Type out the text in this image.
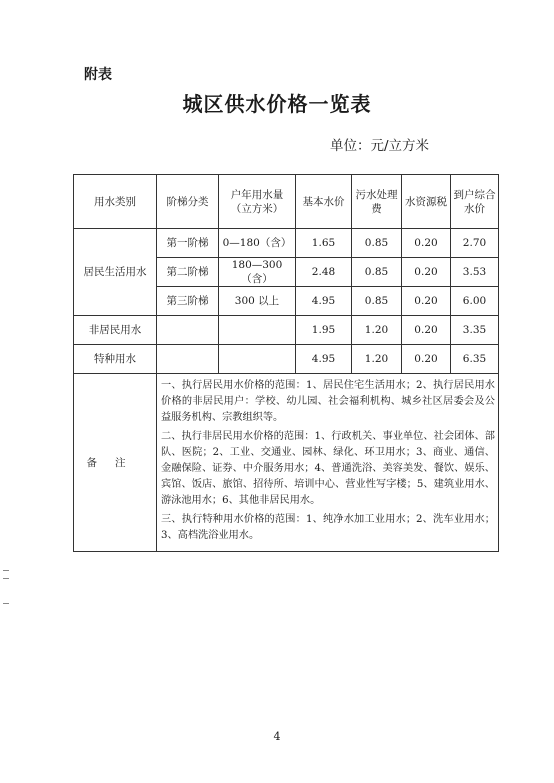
附表
城区供水价格一览表
单位：元/立方米
用水类别	阶梯分类	户年用水量（立方米）	基本水价	污水处理费	水资源税	到户综合水价
居民生活用水	第一阶梯	0—180（含）	1.65	0.85	0.20	2.70
	第二阶梯	180—300（含）	2.48	0.85	0.20	3.53
	第三阶梯	300 以上	4.95	0.85	0.20	6.00
非居民用水			1.95	1.20	0.20	3.35
特种用水			4.95	1.20	0.20	6.35
备注	一、执行居民用水价格的范围：1、居民住宅生活用水；2、执行居民用水价格的非居民用户：学校、幼儿园、社会福利机构、城乡社区居委会及公益服务机构、宗教组织等。

二、执行非居民用水价格的范围：1、行政机关、事业单位、社会团体、部队、医院；2、工业、交通业、园林、绿化、环卫用水；3、商业、通信、金融保险、证券、中介服务用水；4、普通洗浴、美容美发、餐饮、娱乐、宾馆、饭店、旅馆、招待所、培训中心、营业性写字楼；5、建筑业用水、游泳池用水；6、其他非居民用水。

三、执行特种用水价格的范围：1、纯净水加工业用水；2、洗车业用水；3、高档洗浴业用水。					

4
